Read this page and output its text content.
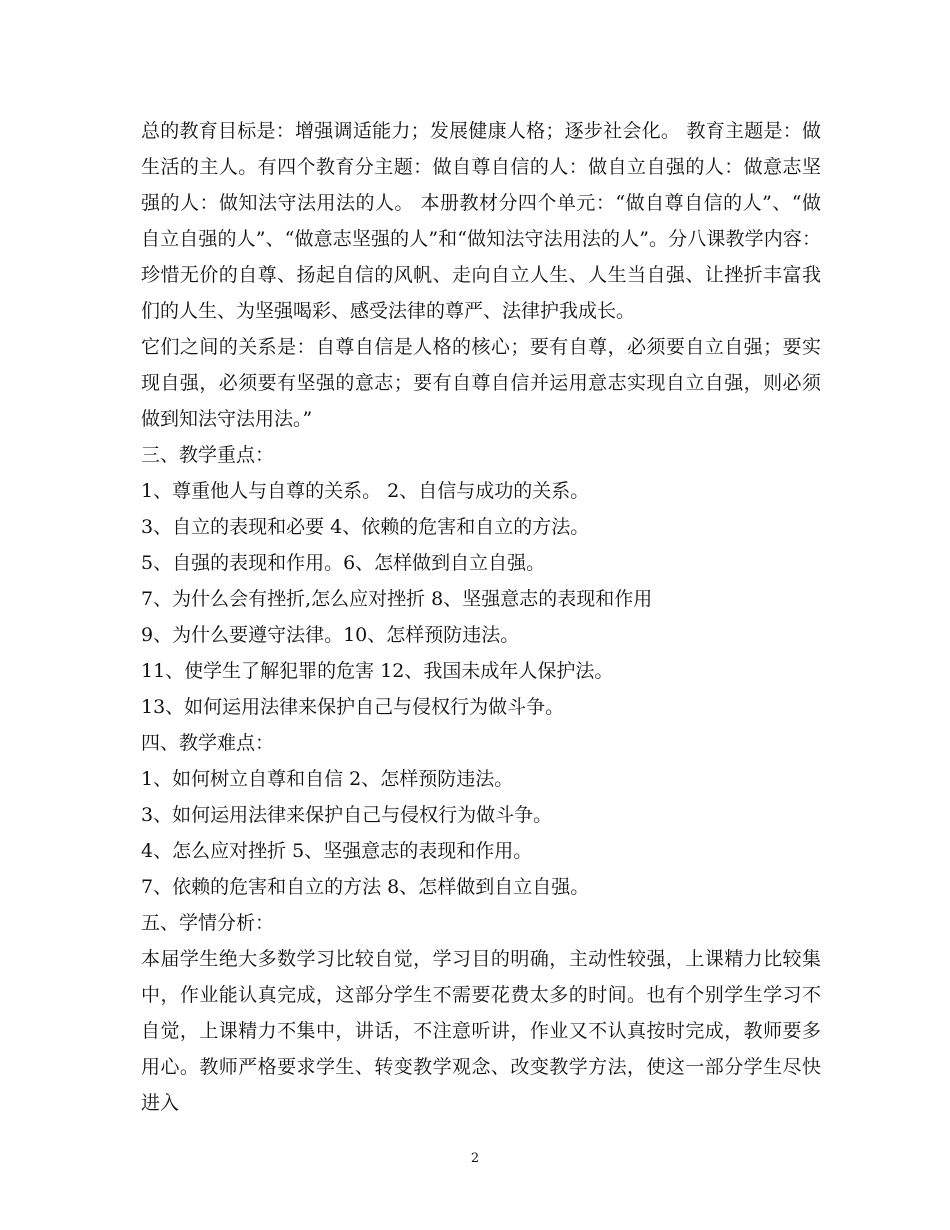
总的教育目标是：增强调适能力；发展健康人格；逐步社会化。 教育主题是：做生活的主人。有四个教育分主题：做自尊自信的人：做自立自强的人：做意志坚强的人：做知法守法用法的人。 本册教材分四个单元：“做自尊自信的人”、“做自立自强的人”、“做意志坚强的人”和“做知法守法用法的人”。分八课教学内容：珍惜无价的自尊、扬起自信的风帆、走向自立人生、人生当自强、让挫折丰富我们的人生、为坚强喝彩、感受法律的尊严、法律护我成长。

它们之间的关系是：自尊自信是人格的核心；要有自尊，必须要自立自强；要实现自强，必须要有坚强的意志；要有自尊自信并运用意志实现自立自强，则必须做到知法守法用法。”

三、教学重点：

1、尊重他人与自尊的关系。 2、自信与成功的关系。

3、自立的表现和必要 4、依赖的危害和自立的方法。

5、自强的表现和作用。6、怎样做到自立自强。

7、为什么会有挫折,怎么应对挫折 8、坚强意志的表现和作用

9、为什么要遵守法律。10、怎样预防违法。

11、使学生了解犯罪的危害 12、我国未成年人保护法。

13、如何运用法律来保护自己与侵权行为做斗争。

四、教学难点：

1、如何树立自尊和自信 2、怎样预防违法。

3、如何运用法律来保护自己与侵权行为做斗争。

4、怎么应对挫折 5、坚强意志的表现和作用。

7、依赖的危害和自立的方法 8、怎样做到自立自强。

五、学情分析：

本届学生绝大多数学习比较自觉，学习目的明确，主动性较强，上课精力比较集中，作业能认真完成，这部分学生不需要花费太多的时间。也有个别学生学习不自觉，上课精力不集中，讲话，不注意听讲，作业又不认真按时完成，教师要多用心。教师严格要求学生、转变教学观念、改变教学方法，使这一部分学生尽快进入

2
